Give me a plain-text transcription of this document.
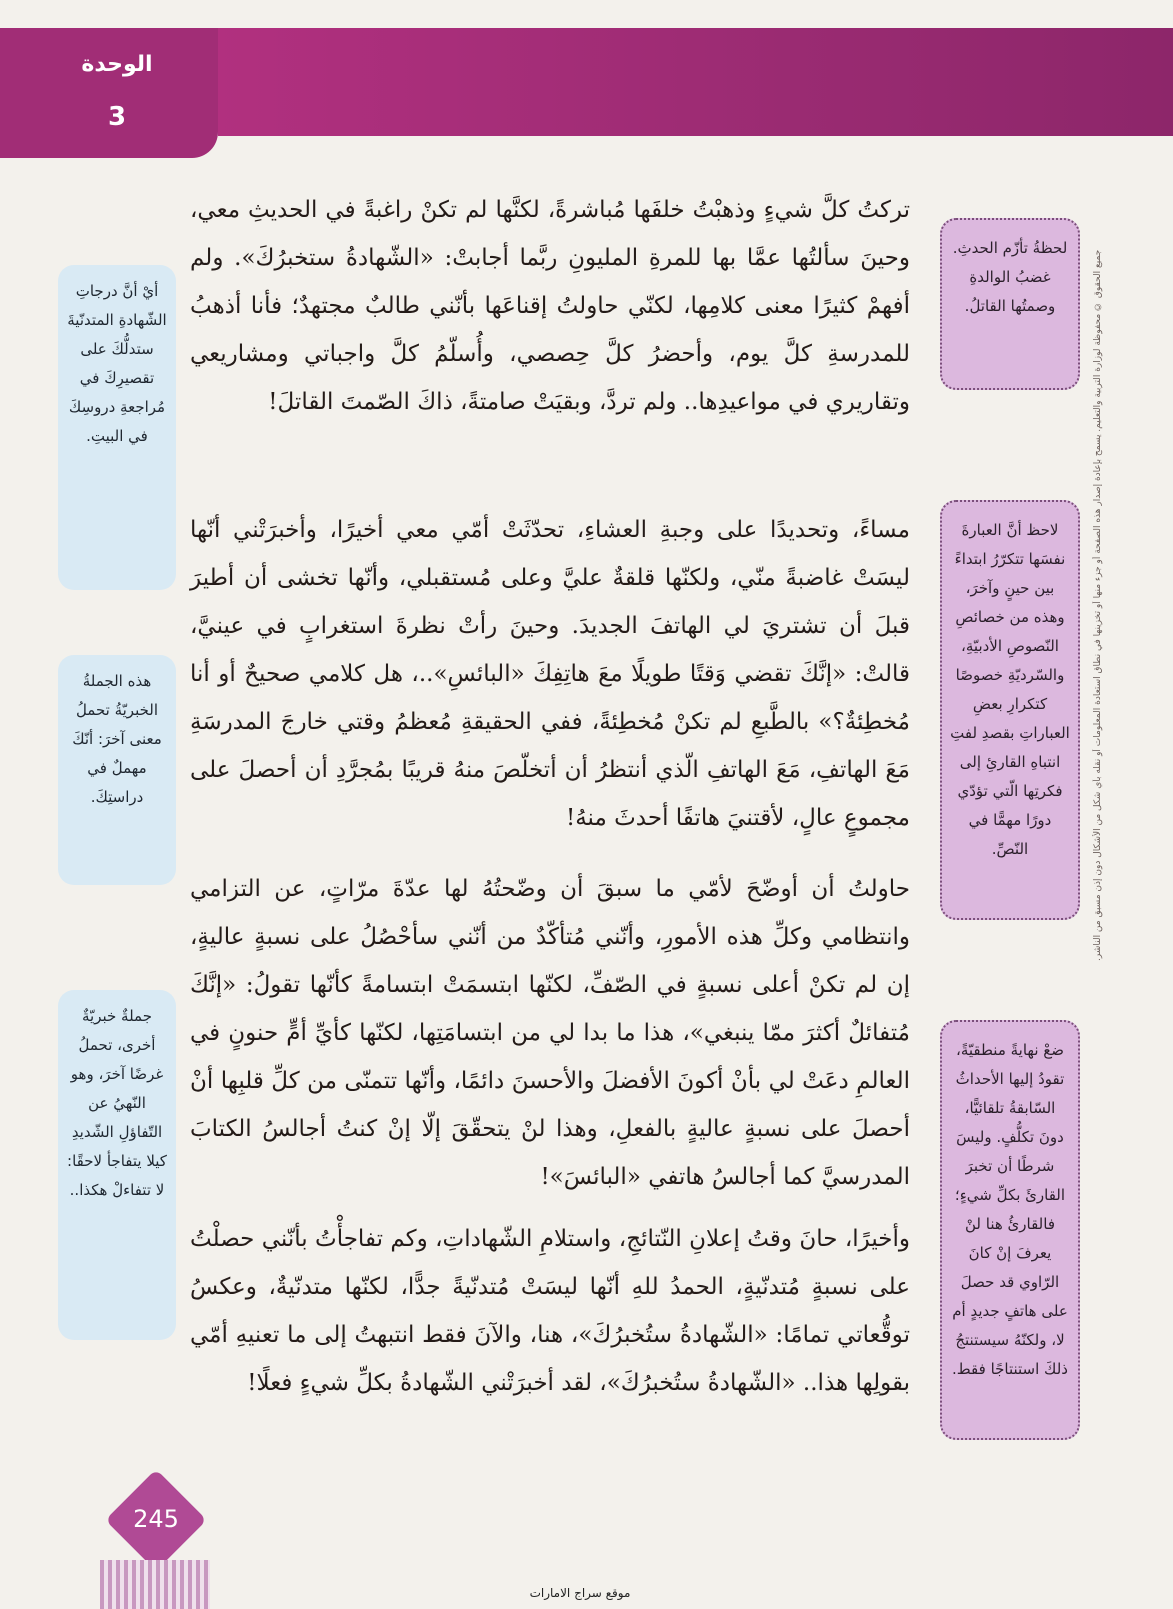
الوحدة
3
تركتُ كلَّ شيءٍ وذهبْتُ خلفَها مُباشرةً، لكنَّها لم تكنْ راغبةً في الحديثِ معي، وحينَ سألتُها عمَّا بها للمرةِ المليونِ ربَّما أجابتْ: «الشّهادةُ ستخبرُكَ». ولم أفهمْ كثيرًا معنى كلامِها، لكنّي حاولتُ إقناعَها بأنّني طالبٌ مجتهدٌ؛ فأنا أذهبُ للمدرسةِ كلَّ يوم، وأحضرُ كلَّ حِصصي، وأُسلّمُ كلَّ واجباتي ومشاريعي وتقاريري في مواعيدِها.. ولم تردَّ، وبقيَتْ صامتةً، ذاكَ الصّمتَ القاتلَ!
مساءً، وتحديدًا على وجبةِ العشاءِ، تحدّثَتْ أمّي معي أخيرًا، وأخبرَتْني أنّها ليسَتْ غاضبةً منّي، ولكنّها قلقةٌ عليَّ وعلى مُستقبلي، وأنّها تخشى أن أطيرَ قبلَ أن تشتريَ لي الهاتفَ الجديدَ. وحينَ رأتْ نظرةَ استغرابٍ في عينيَّ، قالتْ: «إنَّكَ تقضي وَقتًا طويلًا معَ هاتِفِكَ «البائسِ»..، هل كلامي صحيحٌ أو أنا مُخطِئةٌ؟» بالطَّبعِ لم تكنْ مُخطِئةً، ففي الحقيقةِ مُعظمُ وقتي خارجَ المدرسَةِ مَعَ الهاتفِ، مَعَ الهاتفِ الّذي أنتظرُ أن أتخلّصَ منهُ قريبًا بمُجرَّدِ أن أحصلَ على مجموعٍ عالٍ، لأقتنيَ هاتفًا أحدثَ منهُ!
حاولتُ أن أوضّحَ لأمّي ما سبقَ أن وضّحتُهُ لها عدّةَ مرّاتٍ، عن التزامي وانتظامي وكلِّ هذه الأمورِ، وأنّني مُتأكّدٌ من أنّني سأحْصُلُ على نسبةٍ عاليةٍ، إن لم تكنْ أعلى نسبةٍ في الصّفِّ، لكنّها ابتسمَتْ ابتسامةً كأنّها تقولُ: «إنَّكَ مُتفائلٌ أكثرَ ممّا ينبغي»، هذا ما بدا لي من ابتسامَتِها، لكنّها كأيِّ أمٍّ حنونٍ في العالمِ دعَتْ لي بأنْ أكونَ الأفضلَ والأحسنَ دائمًا، وأنّها تتمنّى من كلِّ قلبِها أنْ أحصلَ على نسبةٍ عاليةٍ بالفعلِ، وهذا لنْ يتحقّقَ إلّا إنْ كنتُ أجالسُ الكتابَ المدرسيَّ كما أجالسُ هاتفي «البائسَ»!
وأخيرًا، حانَ وقتُ إعلانِ النّتائجِ، واستلامِ الشّهاداتِ، وكم تفاجأْتُ بأنّني حصلْتُ على نسبةٍ مُتدنّيةٍ، الحمدُ للهِ أنّها ليسَتْ مُتدنّيةً جدًّا، لكنّها متدنّيةٌ، وعكسُ توقُّعاتي تمامًا: «الشّهادةُ ستُخبرُكَ»، هنا، والآنَ فقط انتبهتُ إلى ما تعنيهِ أمّي بقولِها هذا.. «الشّهادةُ ستُخبرُكَ»، لقد أخبرَتْني الشّهادةُ بكلِّ شيءٍ فعلًا!
لحظةُ تأزّم الحدثِ. غضبُ الوالدةِ وصمتُها القاتلُ.
لاحظ أنَّ العبارةَ نفسَها تتكرّرُ ابتداءً بين حينٍ وآخرَ، وهذه من خصائصِ النّصوصِ الأدبيّةِ، والسّرديّةِ خصوصًا كتكرارِ بعضِ العباراتِ بقصدِ لفتِ انتباهِ القارئِ إلى فكرتِها الّتي تؤدّي دورًا مهمًّا في النّصِّ.
ضعْ نهايةً منطقيّةً، تقودُ إليها الأحداثُ السّابقةُ تلقائيًّا، دونَ تكلُّفٍ. وليسَ شرطًا أن تخبرَ القارئَ بكلِّ شيءٍ؛ فالقارئُ هنا لنْ يعرفَ إنْ كانَ الرّاوي قد حصلَ على هاتفٍ جديدٍ أم لا، ولكنّهُ سيستنتجُ ذلكَ استنتاجًا فقط.
أيْ أنَّ درجاتِ الشّهادةِ المتدنّيةَ ستدلُّكَ على تقصيرِكَ في مُراجعةِ دروسِكَ في البيتِ.
هذه الجملةُ الخبريّةُ تحملُ معنى آخرَ: أنّكَ مهملٌ في دراستِكَ.
جملةٌ خبريّةٌ أخرى، تحملُ غرضًا آخرَ، وهو النّهيُ عن التّفاؤلِ الشّديدِ كيلا يتفاجأ لاحقًا: لا تتفاءلْ هكذا..
جميع الحقوق © محفوظة لوزارة التربية والتعليم. يسمح بإعادة إصدار هذه الصفحة أو جزء منها أو تخزينها في نطاق استعادة المعلومات أو نقله بأي شكل من الأشكال دون إذن مسبق من الناشر.
245
موقع سراج الامارات
